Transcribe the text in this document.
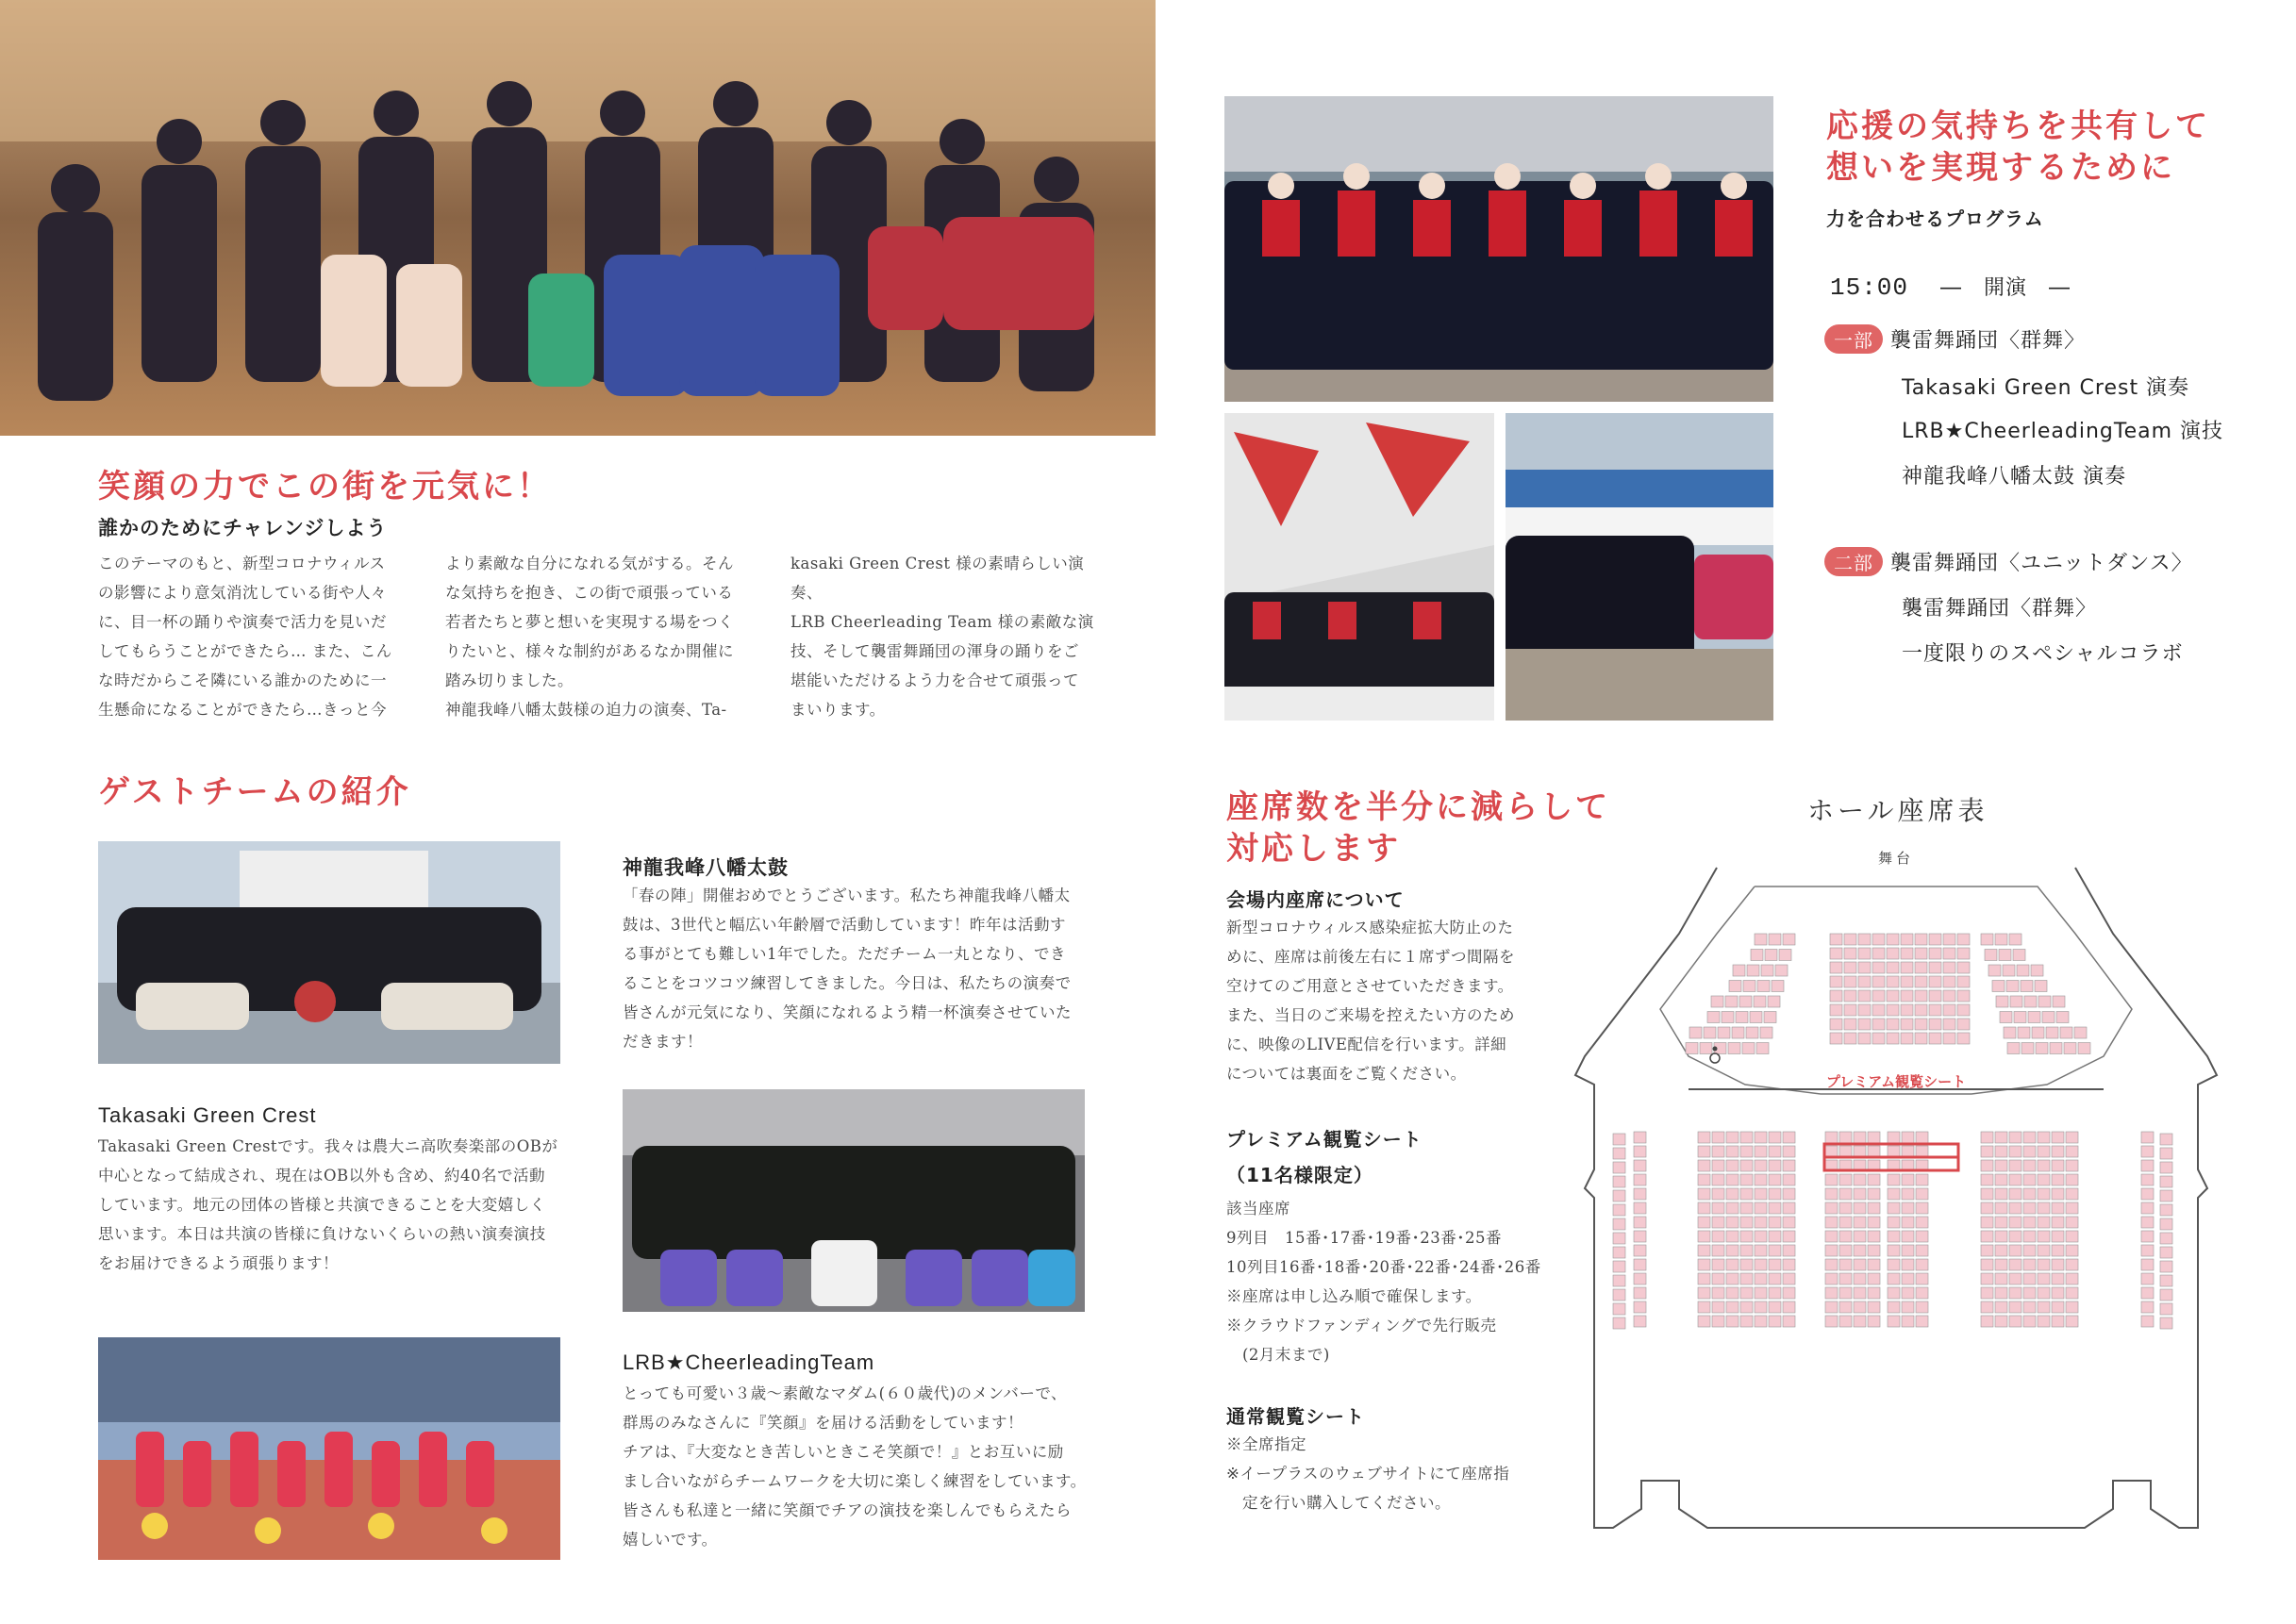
笑顔の力でこの街を元気に！
誰かのためにチャレンジしよう
このテーマのもと、新型コロナウィルス
の影響により意気消沈している街や人々
に、目一杯の踊りや演奏で活力を見いだ
してもらうことができたら… また、こん
な時だからこそ隣にいる誰かのために一
生懸命になることができたら…きっと今
より素敵な自分になれる気がする。そん
な気持ちを抱き、この街で頑張っている
若者たちと夢と想いを実現する場をつく
りたいと、様々な制約があるなか開催に
踏み切りました。
神龍我峰八幡太鼓様の迫力の演奏、Ta-
kasaki Green Crest 様の素晴らしい演奏、
LRB Cheerleading Team 様の素敵な演
技、そして襲雷舞踊団の渾身の踊りをご
堪能いただけるよう力を合せて頑張って
まいります。
ゲストチームの紹介
神龍我峰八幡太鼓
「春の陣」開催おめでとうございます。私たち神龍我峰八幡太
鼓は、3世代と幅広い年齢層で活動しています！昨年は活動す
る事がとても難しい1年でした。ただチーム一丸となり、でき
ることをコツコツ練習してきました。今日は、私たちの演奏で
皆さんが元気になり、笑顔になれるよう精一杯演奏させていた
だきます！
Takasaki Green Crest
Takasaki Green Crestです。我々は農大ニ高吹奏楽部のOBが
中心となって結成され、現在はOB以外も含め、約40名で活動
しています。地元の団体の皆様と共演できることを大変嬉しく
思います。本日は共演の皆様に負けないくらいの熱い演奏演技
をお届けできるよう頑張ります！
LRB★CheerleadingTeam
とっても可愛い３歳～素敵なマダム(６０歳代)のメンバーで、
群馬のみなさんに『笑顔』を届ける活動をしています！
チアは、『大変なとき苦しいときこそ笑顔で！』とお互いに励
まし合いながらチームワークを大切に楽しく練習をしています。
皆さんも私達と一緒に笑顔でチアの演技を楽しんでもらえたら
嬉しいです。
応援の気持ちを共有して
想いを実現するために
力を合わせるプログラム
15:00 ―　開演　―
一部 襲雷舞踊団〈群舞〉
Takasaki Green Crest 演奏
LRB★CheerleadingTeam 演技
神龍我峰八幡太鼓 演奏
二部 襲雷舞踊団〈ユニットダンス〉
襲雷舞踊団〈群舞〉
一度限りのスペシャルコラボ
座席数を半分に減らして
対応します
会場内座席について
新型コロナウィルス感染症拡大防止のた
めに、座席は前後左右に１席ずつ間隔を
空けてのご用意とさせていただきます。
また、当日のご来場を控えたい方のため
に、映像のLIVE配信を行います。詳細
については裏面をご覧ください。
プレミアム観覧シート
（11名様限定）
該当座席
9列目　15番･17番･19番･23番･25番
10列目16番･18番･20番･22番･24番･26番
※座席は申し込み順で確保します。
※クラウドファンディングで先行販売
　(2月末まで)
通常観覧シート
※全席指定
※イープラスのウェブサイトにて座席指
　定を行い購入してください。
ホール座席表
舞台
プレミアム観覧シート
